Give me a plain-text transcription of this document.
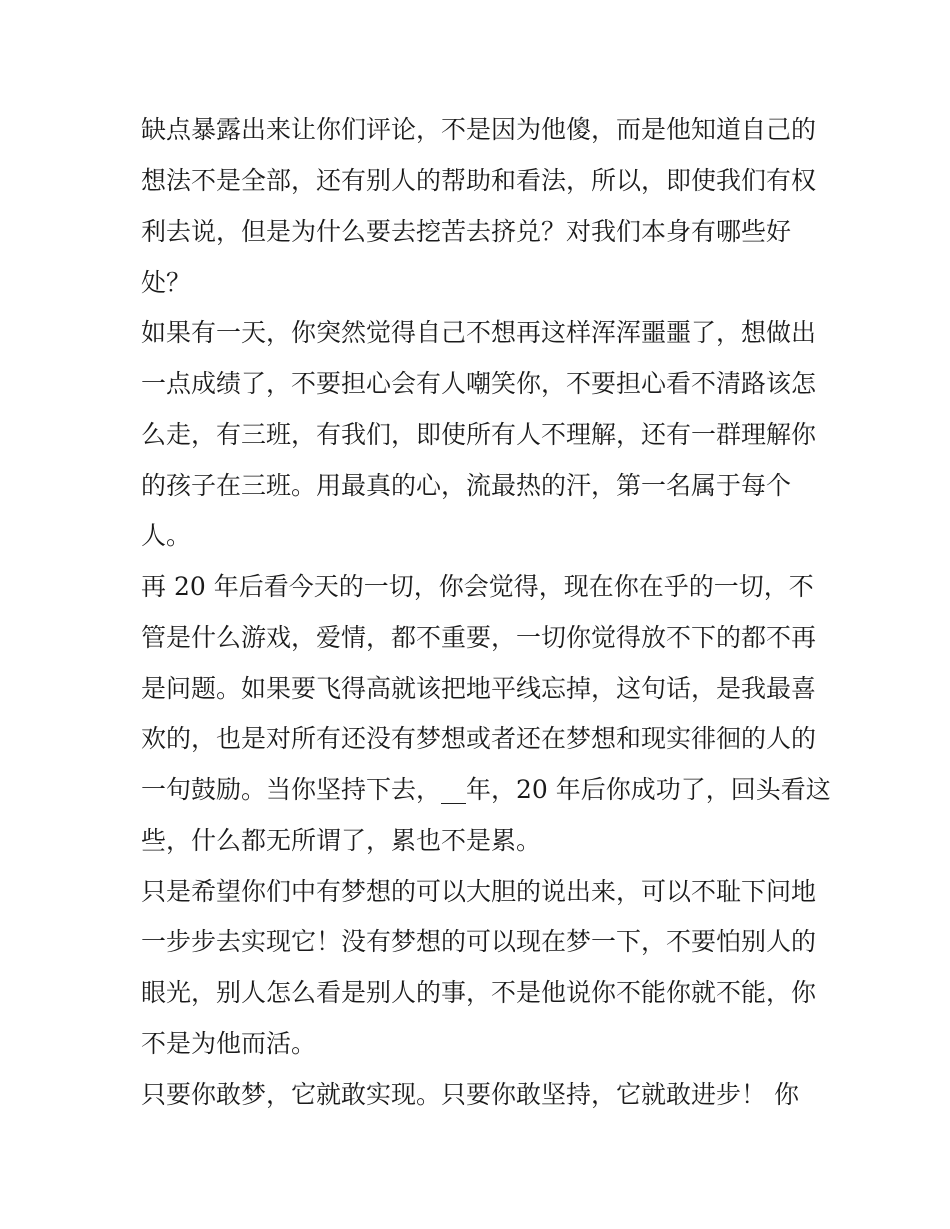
缺点暴露出来让你们评论，不是因为他傻，而是他知道自己的
想法不是全部，还有别人的帮助和看法，所以，即使我们有权
利去说，但是为什么要去挖苦去挤兑？对我们本身有哪些好
处？
如果有一天，你突然觉得自己不想再这样浑浑噩噩了，想做出
一点成绩了，不要担心会有人嘲笑你，不要担心看不清路该怎
么走，有三班，有我们，即使所有人不理解，还有一群理解你
的孩子在三班。用最真的心，流最热的汗，第一名属于每个
人。
再 20 年后看今天的一切，你会觉得，现在你在乎的一切，不
管是什么游戏，爱情，都不重要，一切你觉得放不下的都不再
是问题。如果要飞得高就该把地平线忘掉，这句话，是我最喜
欢的，也是对所有还没有梦想或者还在梦想和现实徘徊的人的
一句鼓励。当你坚持下去，__年，20 年后你成功了，回头看这
些，什么都无所谓了，累也不是累。
只是希望你们中有梦想的可以大胆的说出来，可以不耻下问地
一步步去实现它！没有梦想的可以现在梦一下，不要怕别人的
眼光，别人怎么看是别人的事，不是他说你不能你就不能，你
不是为他而活。
只要你敢梦，它就敢实现。只要你敢坚持，它就敢进步！ 你
